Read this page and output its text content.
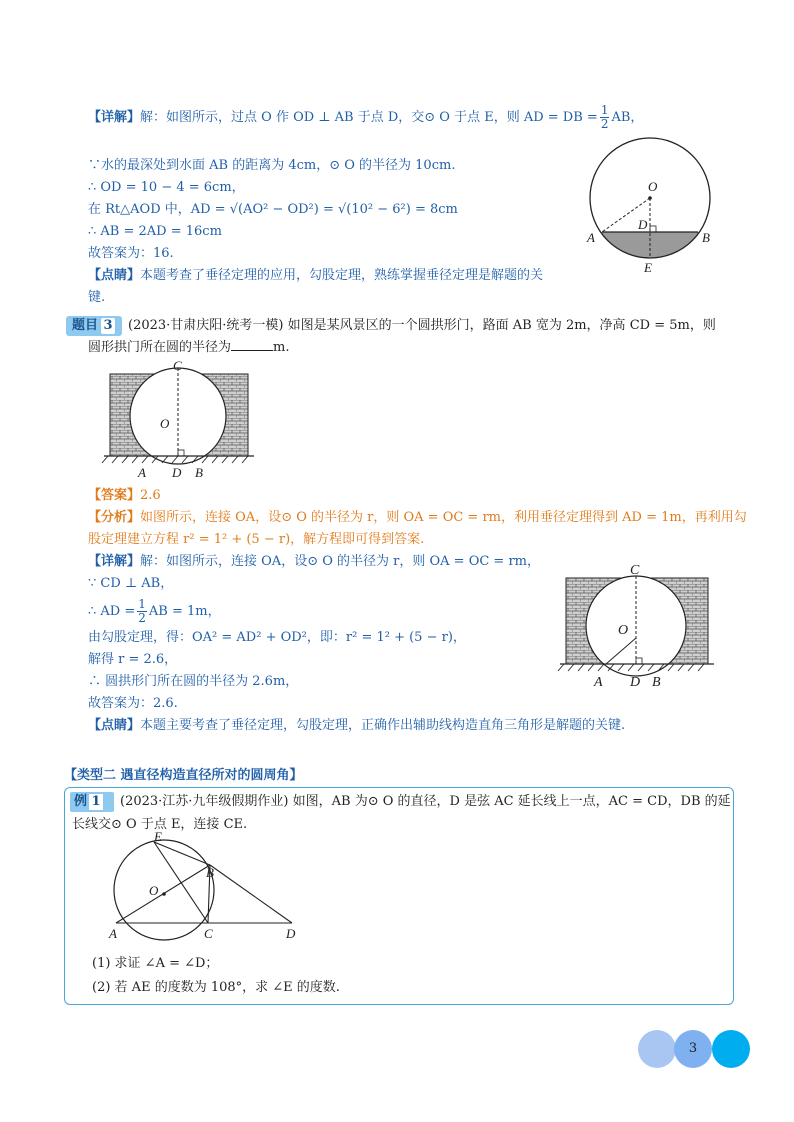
【详解】解：如图所示，过点 O 作 OD ⊥ AB 于点 D，交⊙ O 于点 E，则 AD = DB = $\frac{1}{2}$ AB，
∵水的最深处到水面 AB 的距离为 4cm，⊙ O 的半径为 10cm.
∴ OD = 10 − 4 = 6cm，
在 Rt△AOD 中，AD = √(AO² − OD²) = √(10² − 6²) = 8cm
∴ AB = 2AD = 16cm
故答案为：16.
【点睛】本题考查了垂径定理的应用，勾股定理，熟练掌握垂径定理是解题的关
键.
O
D
A	B
E
题目 3	(2023·甘肃庆阳·统考一模) 如图是某风景区的一个圆拱形门，路面 AB 宽为 2m，净高 CD = 5m，则
圆形拱门所在圆的半径为	m.
C
O
A D B
【答案】2.6
【分析】如图所示，连接 OA，设⊙ O 的半径为 r，则 OA = OC = rm，利用垂径定理得到 AD = 1m，再利用勾
股定理建立方程 r² = 1² + (5 − r)，解方程即可得到答案.
【详解】解：如图所示，连接 OA，设⊙ O 的半径为 r，则 OA = OC = rm，
∵ CD ⊥ AB，
∴ AD = $\frac{1}{2}$ AB = 1m，
由勾股定理，得：OA² = AD² + OD²，即：r² = 1² + (5 − r)，
解得 r = 2.6，
∴ 圆拱形门所在圆的半径为 2.6m，
故答案为：2.6.
【点睛】本题主要考查了垂径定理，勾股定理，正确作出辅助线构造直角三角形是解题的关键.
C
O
A D B
【类型二 遇直径构造直径所对的圆周角】
例 1	(2023·江苏·九年级假期作业) 如图，AB 为⊙ O 的直径，D 是弦 AC 延长线上一点，AC = CD，DB 的延
长线交⊙ O 于点 E，连接 CE.
E
B
O
A	C	D
(1) 求证 ∠A = ∠D；
(2) 若 AE 的度数为 108°，求 ∠E 的度数.
3
